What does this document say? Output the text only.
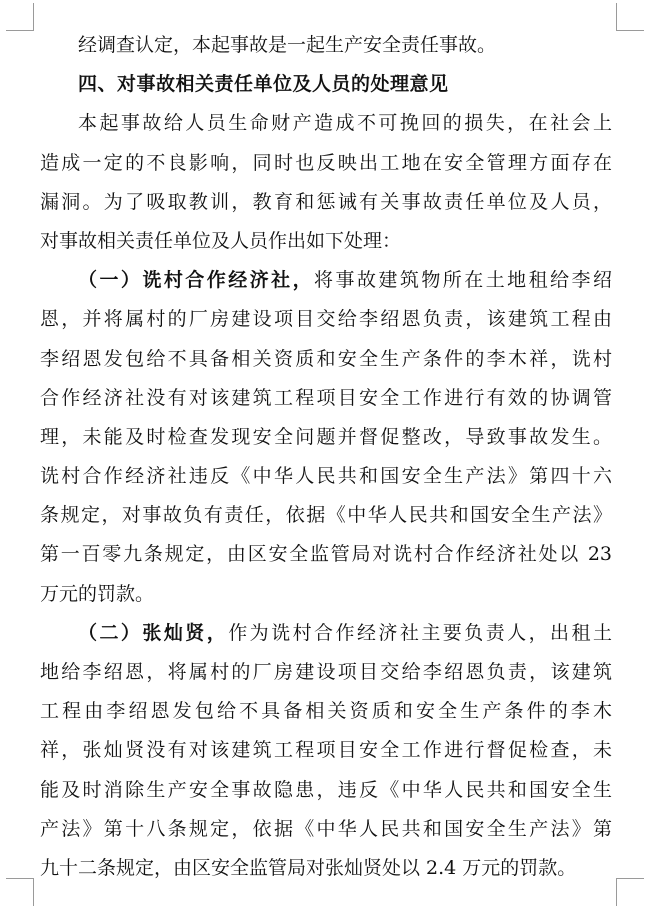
经调查认定，本起事故是一起生产安全责任事故。
四、对事故相关责任单位及人员的处理意见
本起事故给人员生命财产造成不可挽回的损失，在社会上
造成一定的不良影响，同时也反映出工地在安全管理方面存在
漏洞。为了吸取教训，教育和惩诫有关事故责任单位及人员，
对事故相关责任单位及人员作出如下处理：
（一）诜村合作经济社，将事故建筑物所在土地租给李绍
恩，并将属村的厂房建设项目交给李绍恩负责，该建筑工程由
李绍恩发包给不具备相关资质和安全生产条件的李木祥，诜村
合作经济社没有对该建筑工程项目安全工作进行有效的协调管
理，未能及时检查发现安全问题并督促整改，导致事故发生。
诜村合作经济社违反《中华人民共和国安全生产法》第四十六
条规定，对事故负有责任，依据《中华人民共和国安全生产法》
第一百零九条规定，由区安全监管局对诜村合作经济社处以 23
万元的罚款。
（二）张灿贤，作为诜村合作经济社主要负责人，出租土
地给李绍恩，将属村的厂房建设项目交给李绍恩负责，该建筑
工程由李绍恩发包给不具备相关资质和安全生产条件的李木
祥，张灿贤没有对该建筑工程项目安全工作进行督促检查，未
能及时消除生产安全事故隐患，违反《中华人民共和国安全生
产法》第十八条规定，依据《中华人民共和国安全生产法》第
九十二条规定，由区安全监管局对张灿贤处以 2.4 万元的罚款。
